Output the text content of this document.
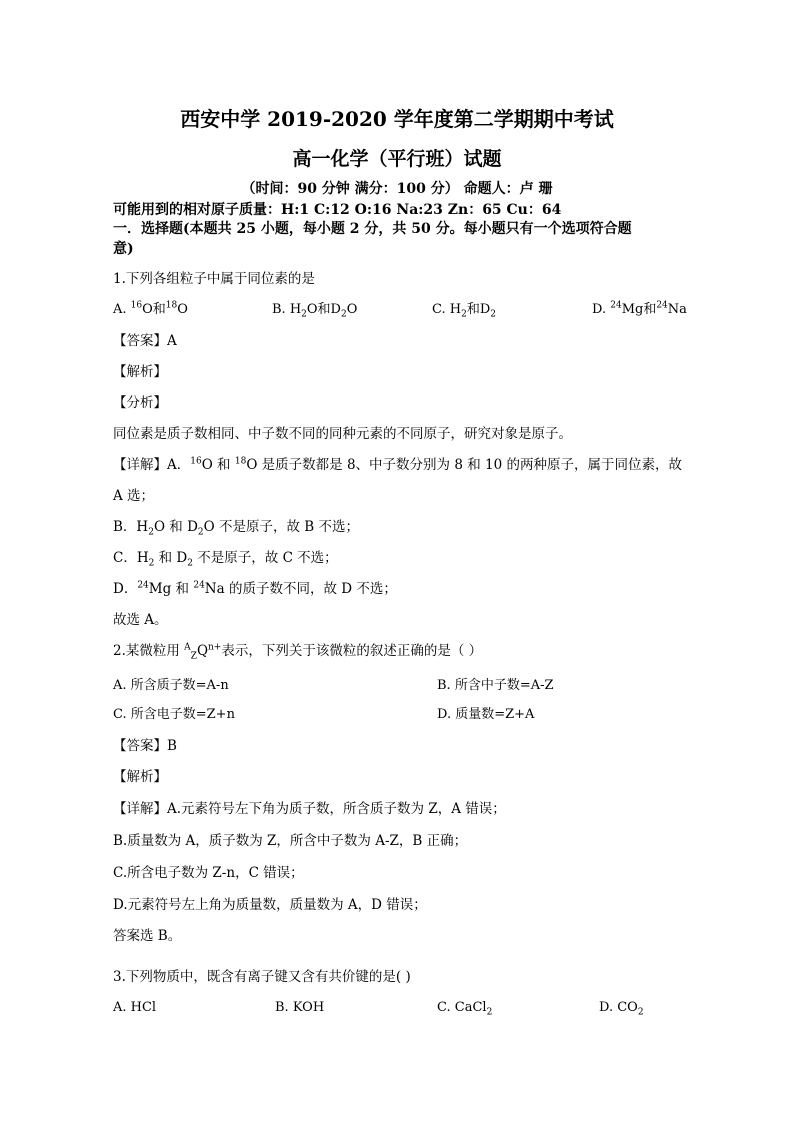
西安中学 2019-2020 学年度第二学期期中考试
高一化学（平行班）试题
（时间：90 分钟 满分：100 分） 命题人：卢 珊
可能用到的相对原子质量：H:1 C:12 O:16 Na:23 Zn：65 Cu：64
一．选择题(本题共 25 小题，每小题 2 分，共 50 分。每小题只有一个选项符合题
意)
1.下列各组粒子中属于同位素的是
A. $^{16}$O和$^{18}$O	B. $H_2O$和$D_2O$	C. $H_2$和$D_2$	D. $^{24}$Mg和$^{24}$Na
【答案】A
【解析】
【分析】
同位素是质子数相同、中子数不同的同种元素的不同原子，研究对象是原子。
【详解】A．$^{16}$O 和 $^{18}$O 是质子数都是 8、中子数分别为 8 和 10 的两种原子，属于同位素，故
A 选；
B．$H_2O$ 和 $D_2O$ 不是原子，故 B 不选；
C．$H_2$ 和 $D_2$ 不是原子，故 C 不选；
D．$^{24}$Mg 和 $^{24}$Na 的质子数不同，故 D 不选；
故选 A。
2.某微粒用 $^A_ZQ^{n+}$表示，下列关于该微粒的叙述正确的是（ ）
A. 所含质子数=A-n	B. 所含中子数=A-Z
C. 所含电子数=Z+n	D. 质量数=Z+A
【答案】B
【解析】
【详解】A.元素符号左下角为质子数，所含质子数为 Z，A 错误；
B.质量数为 A，质子数为 Z，所含中子数为 A-Z，B 正确；
C.所含电子数为 Z-n，C 错误；
D.元素符号左上角为质量数，质量数为 A，D 错误；
答案选 B。
3.下列物质中，既含有离子键又含有共价键的是( )
A. HCl	B. KOH	C. CaCl$_2$	D. $CO_2$
